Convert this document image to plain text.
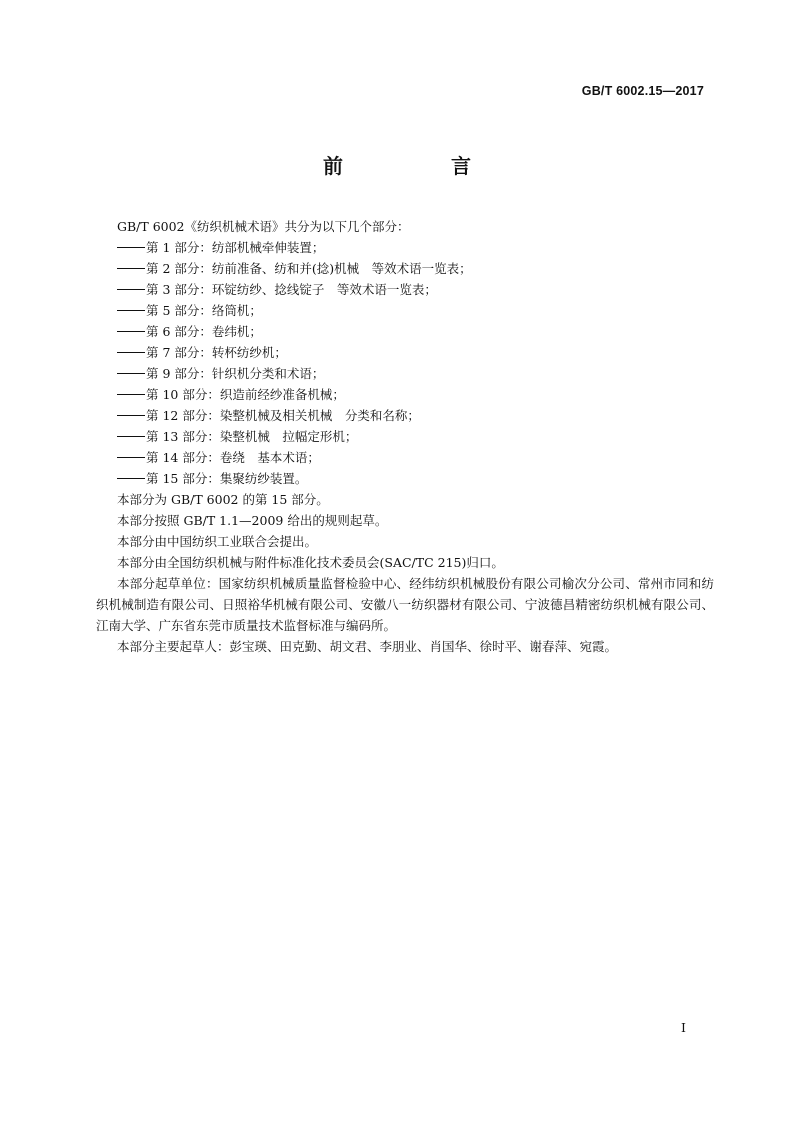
GB/T 6002.15—2017
前　言

GB/T 6002《纺织机械术语》共分为以下几个部分：

第 1 部分：纺部机械牵伸装置；

第 2 部分：纺前准备、纺和并(捻)机械　等效术语一览表；

第 3 部分：环锭纺纱、捻线锭子　等效术语一览表；

第 5 部分：络筒机；

第 6 部分：卷纬机；

第 7 部分：转杯纺纱机；

第 9 部分：针织机分类和术语；

第 10 部分：织造前经纱准备机械；

第 12 部分：染整机械及相关机械　分类和名称；

第 13 部分：染整机械　拉幅定形机；

第 14 部分：卷绕　基本术语；

第 15 部分：集聚纺纱装置。

本部分为 GB/T 6002 的第 15 部分。

本部分按照 GB/T 1.1—2009 给出的规则起草。

本部分由中国纺织工业联合会提出。

本部分由全国纺织机械与附件标准化技术委员会(SAC/TC 215)归口。

本部分起草单位：国家纺织机械质量监督检验中心、经纬纺织机械股份有限公司榆次分公司、常州市同和纺织机械制造有限公司、日照裕华机械有限公司、安徽八一纺织器材有限公司、宁波德昌精密纺织机械有限公司、江南大学、广东省东莞市质量技术监督标准与编码所。

本部分主要起草人：彭宝瑛、田克勤、胡文君、李朋业、肖国华、徐时平、谢春萍、宛霞。

I
